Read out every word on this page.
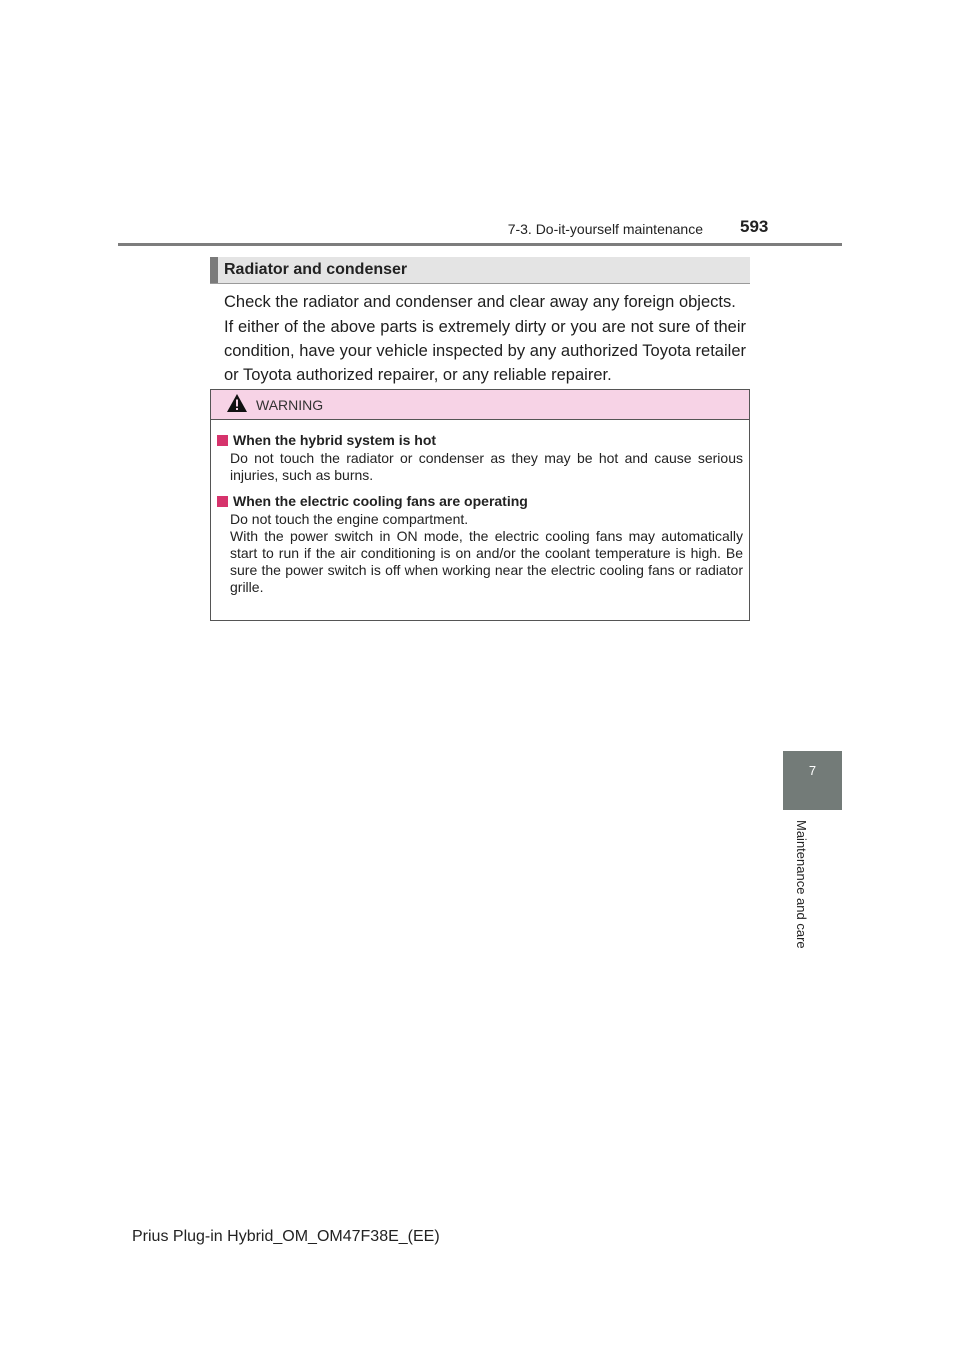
7-3. Do-it-yourself maintenance 593
Radiator and condenser

Check the radiator and condenser and clear away any foreign objects.

If either of the above parts is extremely dirty or you are not sure of their condition, have your vehicle inspected by any authorized Toyota retailer or Toyota authorized repairer, or any reliable repairer.

WARNING
When the hybrid system is hot
Do not touch the radiator or condenser as they may be hot and cause serious injuries, such as burns.
When the electric cooling fans are operating
Do not touch the engine compartment.
With the power switch in ON mode, the electric cooling fans may automatically start to run if the air conditioning is on and/or the coolant temperature is high. Be sure the power switch is off when working near the electric cooling fans or radiator grille.
7
Maintenance and care
Prius Plug-in Hybrid_OM_OM47F38E_(EE)
